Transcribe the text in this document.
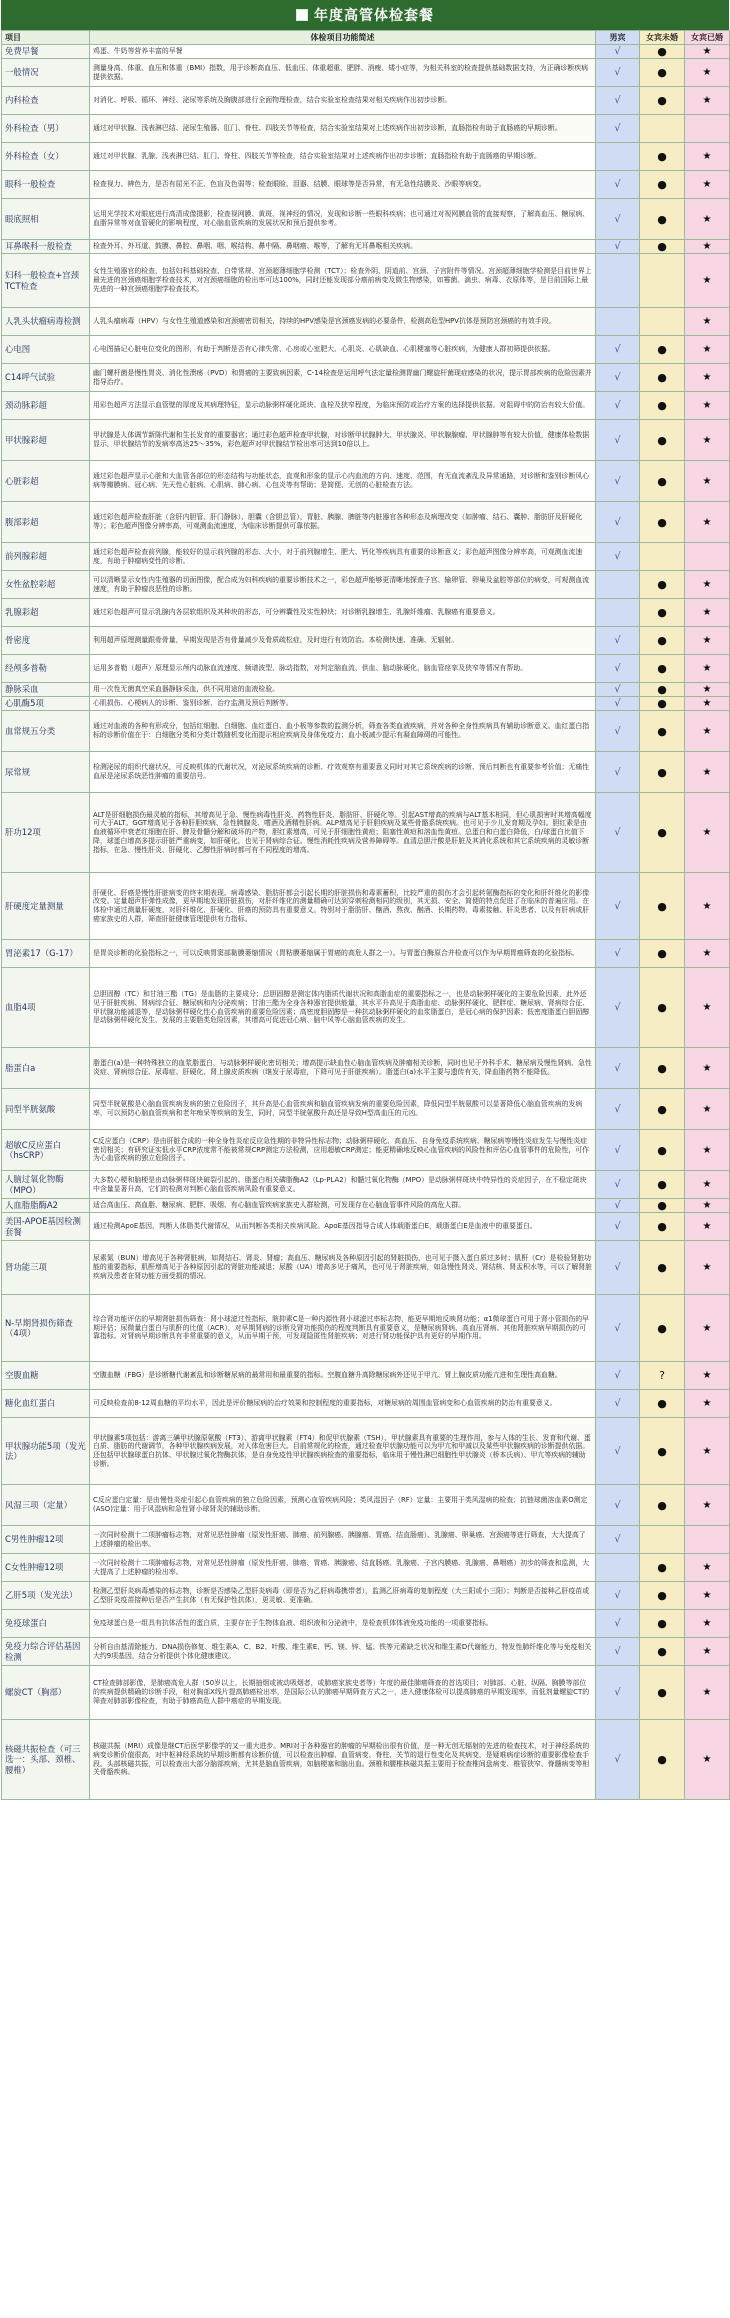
年度高管体检套餐
项目	体检项目功能简述	男宾	女宾未婚	女宾已婚
免费早餐	鸡蛋、牛奶等营养丰富的早餐	√	●	★
一般情况	测量身高、体重、血压和体重（BMI）指数，用于诊断高血压、低血压、体重超重、肥胖、消瘦、矮小症等，为相关科室的检查提供基础数据支持，为正确诊断疾病提供依据。	√	●	★
内科检查	对消化、呼吸、循环、神经、泌尿等系统及胸腹部进行全面物理检查，结合实验室检查结果对相关疾病作出初步诊断。	√	●	★
外科检查（男）	通过对甲状腺、浅表淋巴结、泌尿生殖器、肛门、脊柱、四肢关节等检查，结合实验室结果对上述疾病作出初步诊断，直肠指检有助于直肠癌的早期诊断。	√		
外科检查（女）	通过对甲状腺、乳腺、浅表淋巴结、肛门、脊柱、四肢关节等检查，结合实验室结果对上述疾病作出初步诊断；直肠指检有助于直肠癌的早期诊断。		●	★
眼科一般检查	检查视力、辨色力，是否有屈光不正、色盲及色弱等；检查眼睑、泪器、结膜、眼球等是否异常，有无急性结膜炎、沙眼等病变。	√	●	★
眼底照相	运用光学技术对眼底进行高清成像摄影，检查视网膜、黄斑、视神经的情况，发现和诊断一些眼科疾病；也可通过对视网膜血管的直接观察，了解高血压、糖尿病、血脂异常等对血管硬化的影响程度，对心脑血管疾病的发展状况和预后提供参考。	√	●	★
耳鼻喉科一般检查	检查外耳、外耳道、鼓膜、鼻腔、鼻咽、咽、喉结构、鼻中隔、鼻咽癌、喉等，了解有无耳鼻喉相关疾病。	√	●	★
妇科一般检查+宫颈TCT检查	女性生殖器官的检查，包括妇科基础检查、白带常规、宫颈超薄细胞学检测（TCT）；检查外阴、阴道前、宫颈、子宫附件等情况。宫颈超薄细胞学检测是目前世界上最先进的宫颈癌细胞学检查技术，对宫颈癌细胞的检出率可达100%，同时还能发现部分癌前病变及微生物感染，如霉菌、滴虫、病毒、衣原体等，是目前国际上最先进的一种宫颈癌细胞学检查技术。			★
人乳头状瘤病毒检测	人乳头瘤病毒（HPV）与女性生殖道感染和宫颈癌密切相关，持续的HPV感染是宫颈癌发病的必要条件，检测高危型HPV抗体是预防宫颈癌的有效手段。			★
心电图	心电图描记心脏电位变化的图形，有助于判断是否有心律失常、心房或心室肥大、心肌炎、心肌缺血、心肌梗塞等心脏疾病，为健康人群初筛提供依据。	√	●	★
C14呼气试验	幽门螺杆菌是慢性胃炎、消化性溃疡（PVD）和胃癌的主要致病因素，C-14检查是运用呼气法定量检测胃幽门螺旋杆菌现症感染的状况，提示胃部疾病的危险因素并指导治疗。	√	●	★
颈动脉彩超	用彩色超声方法显示血管壁的厚度及其病理特征，显示动脉粥样硬化斑块、血栓及狭窄程度，为临床预防或治疗方案的选择提供依据。对阻碍中的防治有较大价值。	√	●	★
甲状腺彩超	甲状腺是人体调节新陈代谢和生长发育的重要器官；通过彩色超声检查甲状腺，对诊断甲状腺肿大、甲状腺炎、甲状腺腺瘤、甲状腺肿等有较大价值，健康体检数据显示，甲状腺结节的发病率高达25～35%，彩色超声对甲状腺结节检出率可达到10倍以上。	√	●	★
心脏彩超	通过彩色超声显示心脏和大血管各部位的形态结构与功能状态，直观和形象的显示心内血流的方向、速度、范围，有无血流紊乱及异常通路，对诊断和鉴别诊断风心病等瓣膜病、冠心病、先天性心脏病、心肌病、肺心病、心包炎等有帮助；是简便、无创的心脏检查方法。	√	●	★
腹部彩超	通过彩色超声检查肝脏（含肝内胆管、肝门静脉）、胆囊（含胆总管）、胃脏、胰腺、脾脏等内脏器官各种形态及病理改变（如肿瘤、结石、囊肿、脂肪肝及肝硬化等）；彩色超声图像分辨率高，可观测血流速度，为临床诊断提供可靠依据。	√	●	★
前列腺彩超	通过彩色超声检查前列腺，能较好的显示前列腺的形态、大小，对于前列腺增生、肥大、钙化等疾病具有重要的诊断意义；彩色超声图像分辨率高，可观测血流速度，有助于肿瘤病变性的诊断。	√		
女性盆腔彩超	可以清晰显示女性内生殖器的切面图像，配合成为妇科疾病的重要诊断技术之一，彩色超声能够更清晰地探查子宫、输卵管、卵巢及盆腔等部位的病变，可观测血流速度，有助于肿瘤良恶性的诊断。		●	★
乳腺彩超	通过彩色超声可显示乳腺内各层软组织及其种块的形态，可分辨囊性及实性肿块；对诊断乳腺增生、乳腺纤维瘤、乳腺癌有重要意义。		●	★
骨密度	利用超声原理测量跟骨骨量，早期发现是否有骨量减少及骨质疏松症，及时进行有效防治。本检测快速、准确、无辐射。	√	●	★
经颅多普勒	运用多普勒（超声）原理显示颅内动脉血流速度、频谱波型、脉动指数，对判定脑血流、供血、脑动脉硬化、脑血管痉挛及狭窄等情况有帮助。	√	●	★
静脉采血	用一次性无菌真空采血器静脉采血，供不同用途的血液检验。	√	●	★
心肌酶5项	心肌损伤、心梗病人的诊断、鉴别诊断、治疗监测及预后判断等。	√	●	★
血常规五分类	通过对血液的各种有形成分，包括红细胞、白细胞、血红蛋白、血小板等参数的监测分析，筛查各类血液疾病，并对各种全身性疾病具有辅助诊断意义。血红蛋白指标的诊断价值在于：白细胞分类和分类计数随机变化而提示相应疾病及身体免疫力；血小板减少提示有凝血障碍的可能性。	√	●	★
尿常规	检测泌尿的组织代谢状况，可反映机体的代谢状况，对泌尿系统疾病的诊断、疗效观察有重要意义同时对其它系统疾病的诊断、预后判断也有重要参考价值；无痛性血尿是泌尿系统恶性肿瘤的重要信号。	√	●	★
肝功12项	ALT是肝细胞损伤最灵敏的指标，其增高见于急、慢性病毒性肝炎、药物性肝炎、脂肪肝、肝硬化等。引起AST增高的疾病与ALT基本相同，但心肌损害时其增高幅度可大于ALT。GGT增高见于各种肝胆疾病、急性胰腺炎、嗜酒及酒精性肝病。ALP增高见于肝胆疾病及某些骨骼系统疾病。也可见于少儿发育期及孕妇。胆红素是由血液循环中衰老红细胞在肝、脾及骨髓分解和破坏的产物，胆红素增高，可见于肝细胞性黄疸；阻塞性黄疸和溶血性黄疸。总蛋白和白蛋白降低，白/球蛋白比值下降，球蛋白增高多提示肝脏严重病变，如肝硬化，也见于肾病综合征。慢性消耗性疾病及营养障碍等。血清总胆汁酸是肝脏及其消化系统和其它系统疾病的灵敏诊断指标，在急、慢性肝炎、肝硬化、乙醇性肝病时都可有不同程度的增高。	√	●	★
肝硬度定量测量	肝硬化、肝癌是慢性肝脏病变的终末期表现。病毒感染、脂肪肝都会引起长期的肝脏损伤和毒素蓄积，比较严重的损伤才会引起转氨酶指标的变化和肝纤维化的影像改变。定量超声肝弹性成像，更早期地发现肝脏损伤，对肝纤维化的测量精确可达到穿刺检测相同的级别，其无损、安全、简便的特点促进了在临床的普遍应用。在体检中通过测量肝硬度，对肝纤维化、肝硬化、肝癌的预防具有重要意义。特别对于脂肪肝、酗酒、熬夜、酗酒、长期药物、毒素接触、肝炎患者、以及有肝病或肝癌家族史的人群，筛查肝脏健康管理提供有力指标。	√	●	★
胃泌素17（G-17）	是胃炎诊断的化验指标之一，可以反映胃窦部黏膜萎缩情况（胃粘膜萎缩属于胃癌的高危人群之一）。与胃蛋白酶原合并检查可以作为早期胃癌筛查的化验指标。	√	●	★
血脂4项	总胆固醇（TC）和甘油三酯（TG）是血脂的主要成分；总胆固醇是测定体内脂质代谢状况和高脂血症的重要指标之一，也是动脉粥样硬化的主要危险因素，此外还见于肝脏疾病、肾病综合征、糖尿病和内分泌疾病；甘油三酯为全身各种器官提供能量，其水平升高见于高脂血症、动脉粥样硬化、肥胖症、糖尿病、肾病综合征、甲状腺功能减退等，是动脉粥样硬化性心血管疾病的重要危险因素；高密度胆固醇是一种抗动脉粥样硬化的血浆脂蛋白，是冠心病的保护因素；低密度脂蛋白胆固醇是动脉粥样硬化发生、发展的主要脂类危险因素，其增高可促进冠心病、脑中风等心脑血管疾病的发生。	√	●	★
脂蛋白a	脂蛋白(a)是一种特殊独立的血浆脂蛋白，与动脉粥样硬化密切相关；增高提示缺血性心脑血管疾病及肿瘤相关诊断，同时也见于外科手术、糖尿病及慢性肾病、急性炎症、肾病综合征、尿毒症、肝硬化、肾上腺皮质疾病（继发于尿毒症，下降可见于肝脏疾病）。脂蛋白(a)水平主要与遗传有关，降血脂药物不能降低。	√	●	★
同型半胱氨酸	同型半胱氨酸是心脑血管疾病发病的独立危险因子，其升高是心血管疾病和脑血管疾病发病的重要危险因素，降低同型半胱氨酸可以显著降低心脑血管疾病的发病率，可以预防心脑血管疾病和老年痴呆等疾病的发生，同时，同型半胱氨酸升高还是导致H型高血压的元凶。	√	●	★
超敏C反应蛋白（hsCRP）	C反应蛋白（CRP）是由肝脏合成的一种全身性炎症反应急性期的非特异性标志物；动脉粥样硬化、高血压、自身免疫系统疾病、糖尿病等慢性炎症发生与慢性炎症密切相关；有研究证实低水平CRP浓度常不能被常规CRP测定方法检测，应用超敏CRP测定；能更精确地反映心血管疾病的风险性和评估心血管事件的危险性，可作为心血管疾病的独立危险因子。	√	●	★
人脑过氧化物酶（MPO）	大多数心梗和脑梗是由动脉粥样斑块破裂引起的。脂蛋白相关磷脂酶A2（Lp-PLA2）和髓过氧化物酶（MPO）是动脉粥样斑块中特异性的炎症因子，在不稳定斑块中含量显著升高，它们的检测对判断心脑血管疾病风险有重要意义。	√	●	★
人血脂脂酶A2	适合高血压、高血脂、糖尿病、肥胖、吸烟、有心脑血管疾病家族史人群检测，可发现存在心脑血管事件风险的高危人群。	√	●	★
美国-APOE基因检测套餐	通过检测ApoE基因，判断人体脂类代谢情况，从而判断各类相关疾病风险。ApoE基因指导合成人体载脂蛋白E，载脂蛋白E是血液中的重要蛋白。	√	●	★
肾功能三项	尿素氮（BUN）增高见于各种肾脏病，如肾结石、肾炎、肾瘤；高血压、糖尿病及各种原因引起的肾脏损伤，也可见于摄入蛋白质过多时；肌酐（Cr）是检验肾脏功能的重要指标，肌酐增高见于各种原因引起的肾脏功能减退；尿酸（UA）增高多见于痛风，也可见于肾脏疾病，如急慢性肾炎、肾结核、肾盂积水等，可以了解肾脏疾病及患者在肾功能方面受损的情况。	√	●	★
N-早期肾损伤筛查（4项）	综合肾功能评估的早期肾脏损伤筛查：肾小球滤过性指标，胱抑素C是一种内源性肾小球滤过率标志物，能更早期地反映肾功能；α1微球蛋白可用于肾小管损伤的早期评估；尿微量白蛋白与肌酐的比值（ACR），对早期肾病的诊断及肾功能损伤的程度判断具有重要意义，是糖尿病肾病、高血压肾病、其他肾脏疾病早期损伤的可靠指标。对肾病早期诊断具有非常重要的意义，从而早期干预，可发现隐匿性肾脏疾病；对进行肾功能保护具有更好的早期作用。	√	●	★
空腹血糖	空腹血糖（FBG）是诊断糖代谢紊乱和诊断糖尿病的最常用和最重要的指标。空腹血糖升高除糖尿病外还见于甲亢、肾上腺皮质功能亢进和生理性高血糖。	√	?	★
糖化血红蛋白	可反映检查前8-12周血糖的平均水平，因此是评价糖尿病的治疗效果和控制程度的重要指标，对糖尿病的周围血管病变和心血管疾病的防治有重要意义。	√	●	★
甲状腺功能5项（发光法）	甲状腺素5项包括：游离三碘甲状腺原氨酸（FT3）、游离甲状腺素（FT4）和促甲状腺素（TSH）、甲状腺素具有重要的生理作用，参与人体的生长、发育和代谢、蛋白质、脂肪的代谢调节，各种甲状腺疾病发展，对人体危害巨大。目前常规化的检查，通过检查甲状腺功能可以为甲亢和甲减以及某些甲状腺疾病的诊断提供依据。还包括甲状腺球蛋白抗体、甲状腺过氧化物酶抗体，是自身免疫性甲状腺疾病检查的重要指标，临床用于慢性淋巴细胞性甲状腺炎（桥本氏病）、甲亢等疾病的辅助诊断。	√	●	★
风湿三项（定量）	C反应蛋白定量：是由慢性炎症引起心血管疾病的独立危险因素，预测心血管疾病风险；类风湿因子（RF）定量：主要用于类风湿病的检查；抗链球菌溶血素O测定(ASO)定量：用于风湿病和急性肾小球肾炎的辅助诊断。	√	●	★
C男性肿瘤12项	一次同时检测十二项肿瘤标志物，对常见恶性肿瘤（原发性肝癌、肺癌、前列腺癌、胰腺癌、胃癌、结直肠癌）、乳腺癌、卵巢癌、宫颈癌等进行筛查，大大提高了上述肿瘤的检出率。	√		
C女性肿瘤12项	一次同时检测十二项肿瘤标志物，对常见恶性肿瘤（原发性肝癌、肺癌、胃癌、胰腺癌、结直肠癌、乳腺癌、子宫内膜癌、乳腺癌、鼻咽癌）初步的筛查和监测，大大提高了上述肿瘤的检出率。		●	★
乙肝5项（发光法）	检测乙型肝炎病毒感染的标志物，诊断是否感染乙型肝炎病毒（即是否为乙肝病毒携带者），监测乙肝病毒的复制程度（大三阳或小三阳）；判断是否接种乙肝疫苗或乙型肝炎疫苗接种后是否产生抗体（有无保护性抗体），更灵敏、更准确。	√	●	★
免疫球蛋白	免疫球蛋白是一组具有抗体活性的蛋白质，主要存在于生物体血液、组织液和分泌液中，是检查机体体液免疫功能的一项重要指标。	√	●	★
免疫力综合评估基因检测	分析自由基清除能力、DNA损伤修复、维生素A、C、B2、叶酸、维生素E、钙、镁、锌、锰、铁等元素缺乏状况和维生素D代谢能力，特发性肺纤维化等与免疫相关大约9项基因，结合分析提供个体化健康建议。	√	●	★
螺旋CT（胸部）	CT检查肺部影像，是肺癌高危人群（50岁以上，长期抽烟或被动吸烟者，或肺癌家族史者等）年度的最佳肺癌筛查的首选项目；对肺部、心脏、纵隔、胸膜等部位的疾病提供精确的诊断手段，相对胸部X线片提高肺癌检出率，是国际公认的肺癌早期筛查方式之一，进入健康体检可以提高肺癌的早期发现率，而低剂量螺旋CT的筛查对肺部影像检查，有助于肺癌高危人群中癌症的早期发现。	√	●	★
核磁共振检查（可三选一：头部、颈椎、腰椎）	核磁共振（MRI）成像是继CT后医学影像学的又一重大进步。MRI对于各种器官的肿瘤的早期检出很有价值，是一种无创无辐射的先进的检查技术，对于神经系统的病变诊断价值很高，对中枢神经系统的早期诊断都有诊断价值，可以检查出肿瘤、血管病变、脊柱、关节的退行性变化及其病变，是疑难病症诊断的重要影像检查手段。头部核磁共振，可以检查出大部分脑部疾病，尤其是脑血管疾病，如脑梗塞和脑出血。颈椎和腰椎核磁共振主要用于检查椎间盘病变、椎管狭窄、脊髓病变等相关骨骼疾病。	√	●	★
